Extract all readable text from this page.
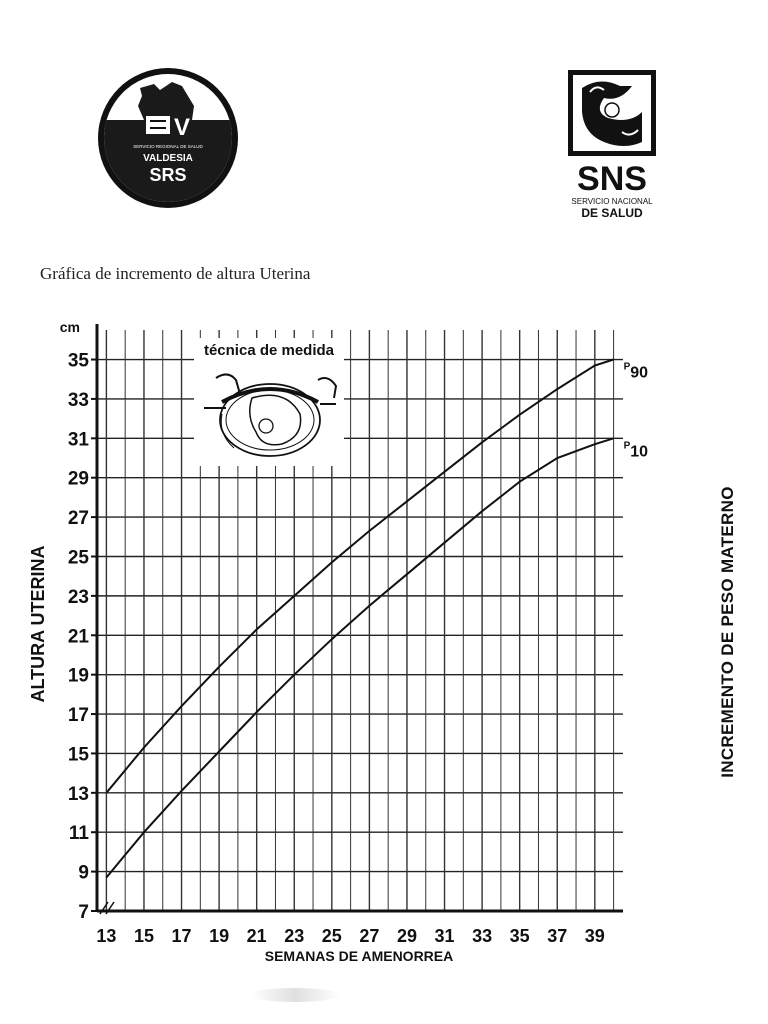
V
SERVICIO REGIONAL DE SALUD
VALDESIA
SRS	SNS
SERVICIO NACIONAL
DE SALUD
Gráfica de incremento de altura Uterina
técnica de medida
$^P$90
$^P$10
7
9
11
13
15
17
19
21
23
25
27
29
31
33
35
13 15 17 19 21 23 25 27 29 31 33 35 37 39
cm
ALTURA UTERINA
SEMANAS DE AMENORREA
INCREMENTO DE PESO MATERNO
